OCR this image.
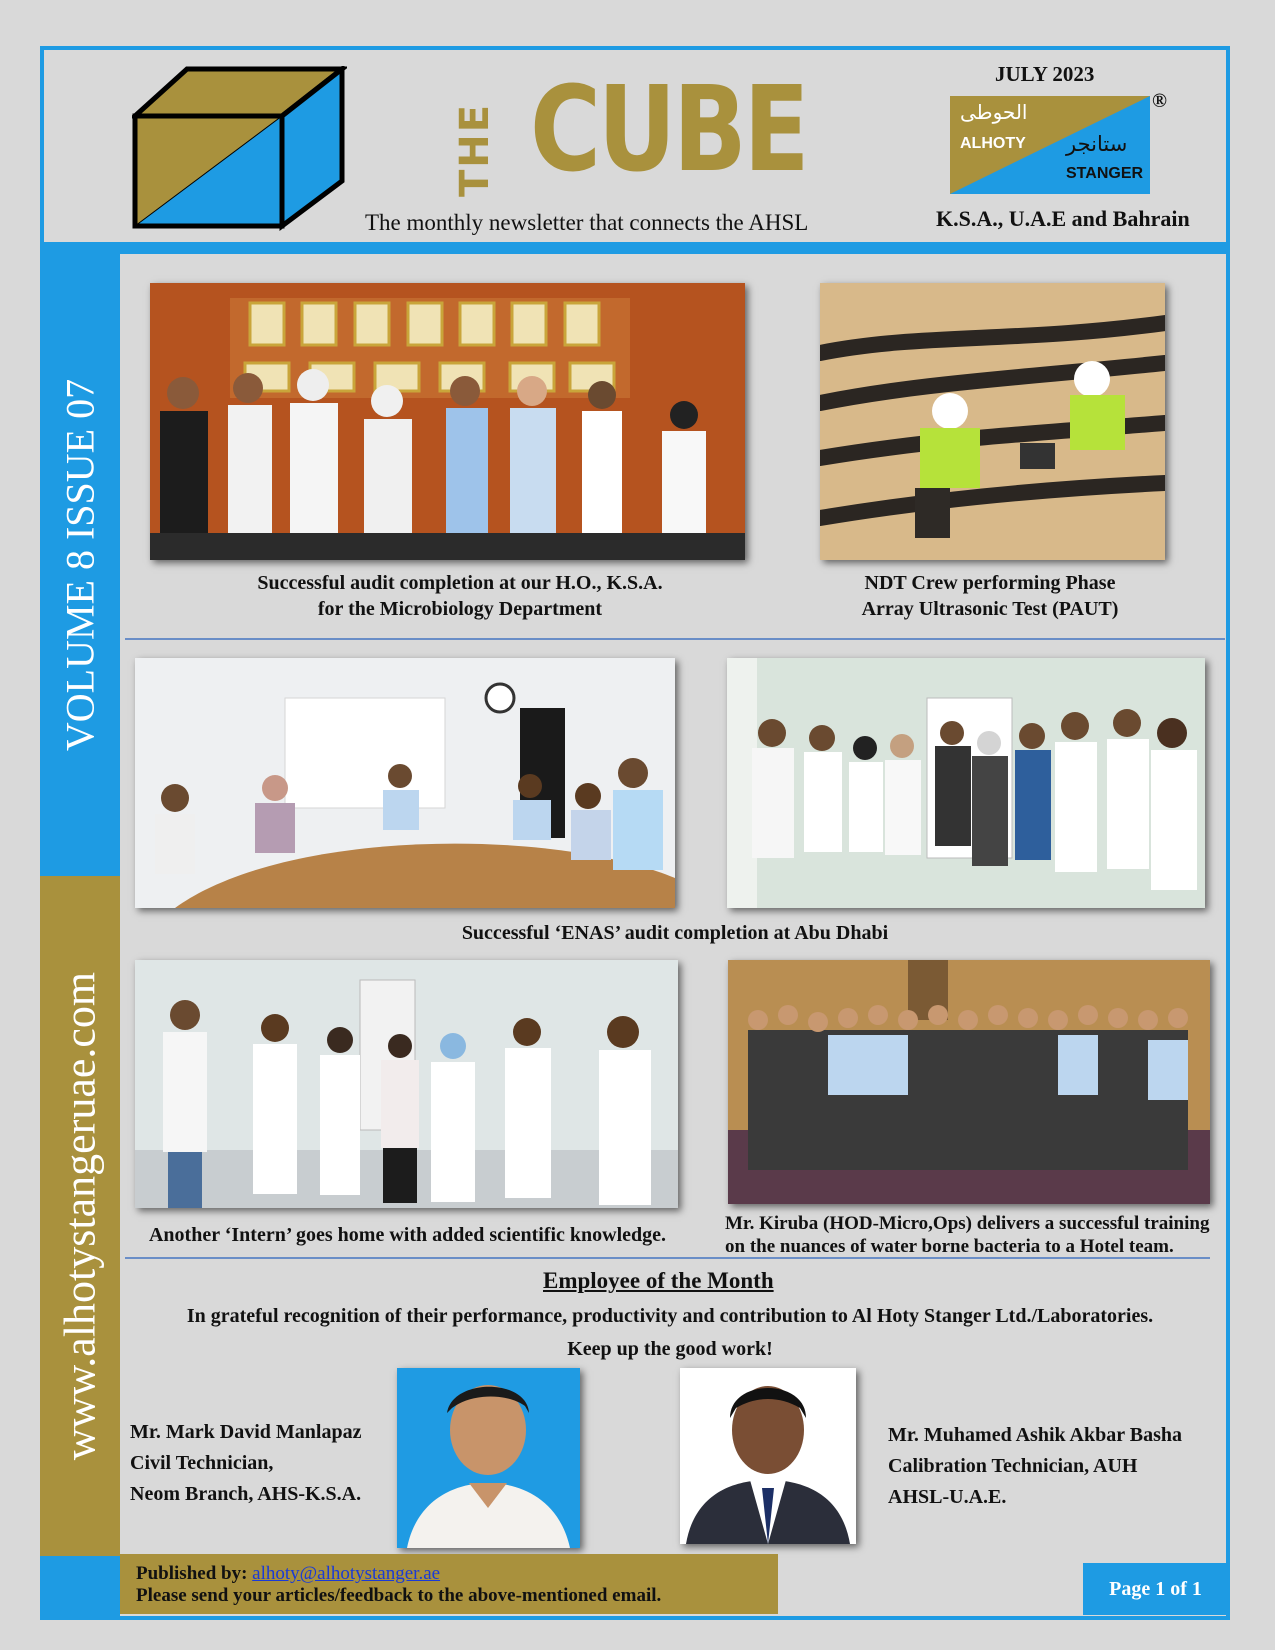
VOLUME 8 ISSUE 07
www.alhotystangeruae.com
THE CUBE
The monthly newsletter that connects the AHSL
JULY 2023
الحوطى
ALHOTY ستانجر
STANGER
®
K.S.A., U.A.E and Bahrain
Successful audit completion at our H.O., K.S.A.
for the Microbiology Department
NDT Crew performing Phase
Array Ultrasonic Test (PAUT)
Successful ‘ENAS’ audit completion at Abu Dhabi
Another ‘Intern’ goes home with added scientific knowledge.
Mr. Kiruba (HOD-Micro,Ops) delivers a successful training
on the nuances of water borne bacteria to a Hotel team.
Employee of the Month
In grateful recognition of their performance, productivity and contribution to Al Hoty Stanger Ltd./Laboratories.
Keep up the good work!
Mr. Mark David Manlapaz
Civil Technician,
Neom Branch, AHS-K.S.A.
Mr. Muhamed Ashik Akbar Basha
Calibration Technician, AUH
AHSL-U.A.E.
Published by: alhoty@alhotystanger.ae
Please send your articles/feedback to the above-mentioned email.	Page 1 of 1
